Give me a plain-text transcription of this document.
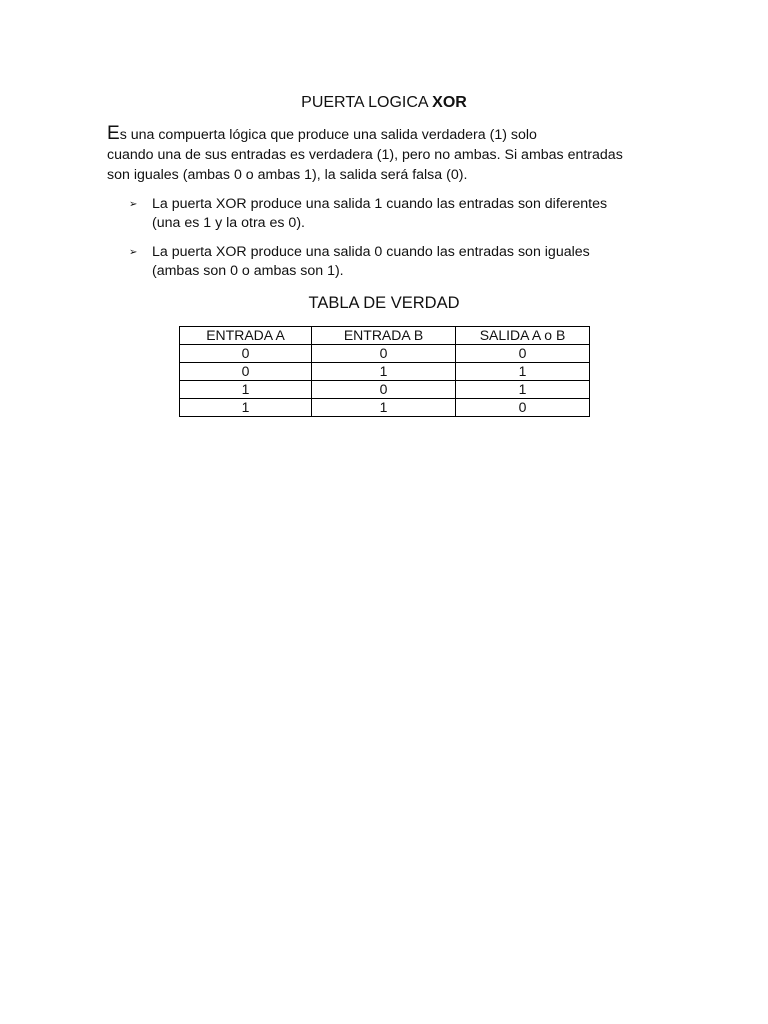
PUERTA LOGICA XOR
Es una compuerta lógica que produce una salida verdadera (1) solo
cuando una de sus entradas es verdadera (1), pero no ambas. Si ambas entradas
son iguales (ambas 0 o ambas 1), la salida será falsa (0).
➢ La puerta XOR produce una salida 1 cuando las entradas son diferentes
(una es 1 y la otra es 0).
➢ La puerta XOR produce una salida 0 cuando las entradas son iguales
(ambas son 0 o ambas son 1).
TABLA DE VERDAD
ENTRADA A	ENTRADA B	SALIDA A o B
0	0	0
0	1	1
1	0	1
1	1	0
